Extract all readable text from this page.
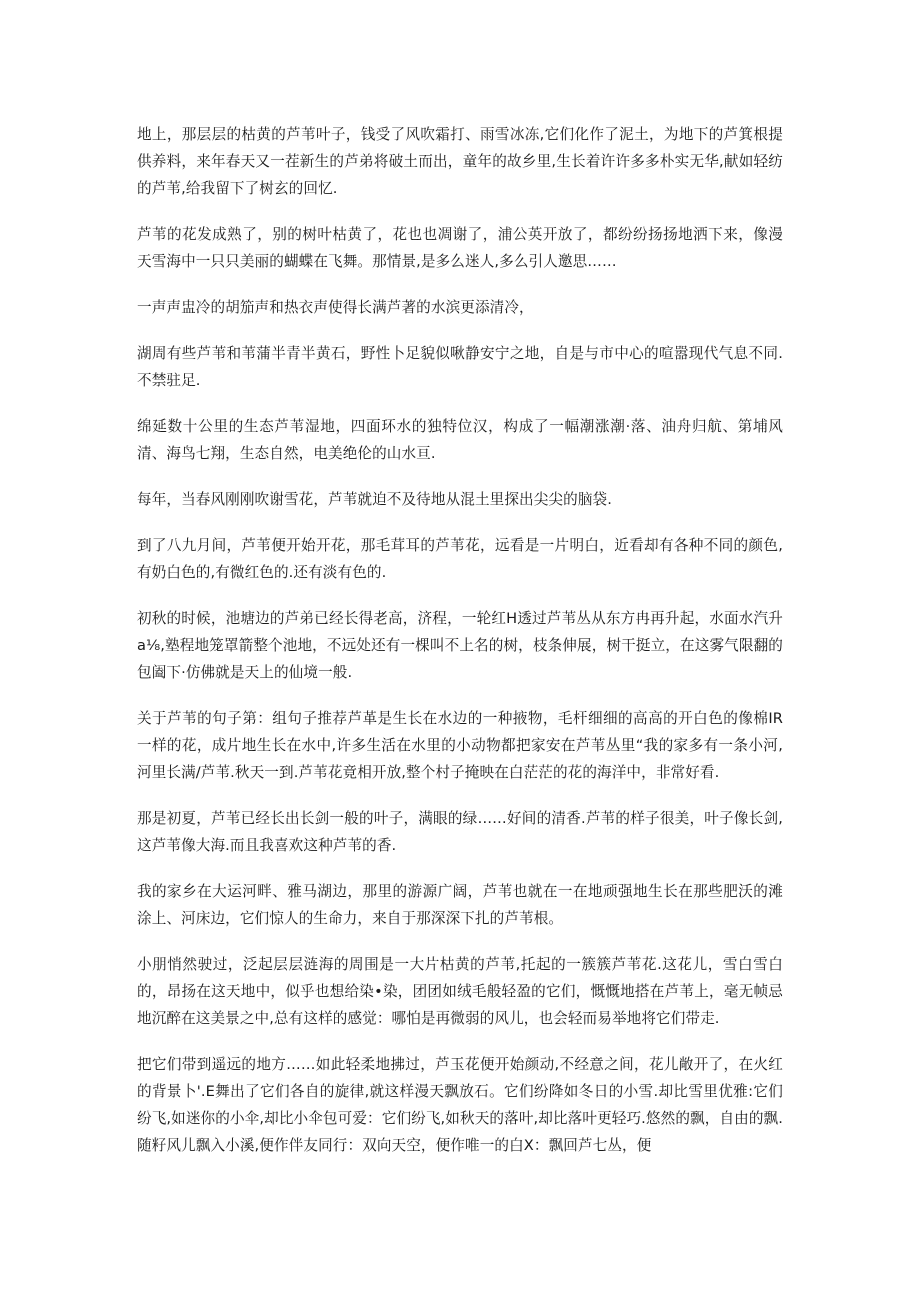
地上，那层层的枯黄的芦苇叶子，钱受了风吹霜打、雨雪冰冻,它们化作了泥土，为地下的芦箕根提供养料，来年春天又一茬新生的芦弟将破土而出，童年的故乡里,生长着许许多多朴实无华,献如轻纺的芦苇,给我留下了树玄的回忆.

芦苇的花发成熟了，别的树叶枯黄了，花也也凋谢了，浦公英开放了，都纷纷扬扬地洒下来，像漫天雪海中一只只美丽的蝴蝶在飞舞。那情景,是多么迷人,多么引人邀思……

一声声盅冷的胡笳声和热衣声使得长满芦著的水滨更添清冷，

湖周有些芦苇和苇蒲半青半黄石，野性卜足貌似啾静安宁之地，自是与市中心的喧嚣现代气息不同.不禁驻足.

绵延数十公里的生态芦苇湿地，四面环水的独特位汉，构成了一幅潮涨潮·落、油舟归航、第埔风清、海鸟七翔，生态自然，电美绝伦的山水亘.

每年，当春风刚刚吹谢雪花，芦苇就迫不及待地从混土里探出尖尖的脑袋.

到了八九月间，芦苇便开始开花，那毛茸耳的芦苇花，远看是一片明白，近看却有各种不同的颜色,有奶白色的,有微红色的.还有淡有色的.

初秋的时候，池塘边的芦弟已经长得老高，济程，一轮红H透过芦苇丛从东方冉再升起，水面水汽升a⅛,塾程地笼罩箭整个池地，不远处还有一棵叫不上名的树，枝条伸展，树干挺立，在这雾气限翻的包阖下·仿佛就是天上的仙境一般.

关于芦苇的句子第：组句子推荐芦革是生长在水边的一种掖物，毛杆细细的高高的开白色的像棉IR一样的花，成片地生长在水中,许多生活在水里的小动物都把家安在芦苇丛里“我的家多有一条小河,河里长满/芦苇.秋天一到.芦苇花竟相开放,整个村子掩映在白茫茫的花的海洋中，非常好看.

那是初夏，芦苇已经长出长剑一般的叶子，满眼的绿……好间的清香.芦苇的样子很美，叶子像长剑,这芦苇像大海.而且我喜欢这种芦苇的香.

我的家乡在大运河畔、雅马湖边，那里的游源广阔，芦苇也就在一在地顽强地生长在那些肥沃的滩涂上、河床边，它们惊人的生命力，来自于那深深下扎的芦苇根。

小朋悄然驶过，泛起层层涟海的周围是一大片枯黄的芦苇,托起的一簇簇芦苇花.这花儿，雪白雪白的，昂扬在这天地中，似乎也想给染•染，团团如绒毛般轻盈的它们，慨慨地搭在芦苇上，毫无帧忌地沉醉在这美景之中,总有这样的感觉：哪怕是再微弱的风儿，也会轻而易举地将它们带走.

把它们带到遥远的地方……如此轻柔地拂过，芦玉花便开始颜动,不经意之间，花儿敞开了，在火红的背景卜'.E舞出了它们各自的旋律,就这样漫天飘放石。它们纷降如冬日的小雪.却比雪里优雅:它们纷飞,如迷你的小伞,却比小伞包可爱：它们纷飞,如秋天的落叶,却比落叶更轻巧.悠然的飘，自由的飘.随籽风儿飘入小溪,便作伴友同行：双向天空，便作唯一的白X：飘回芦七丛，便
